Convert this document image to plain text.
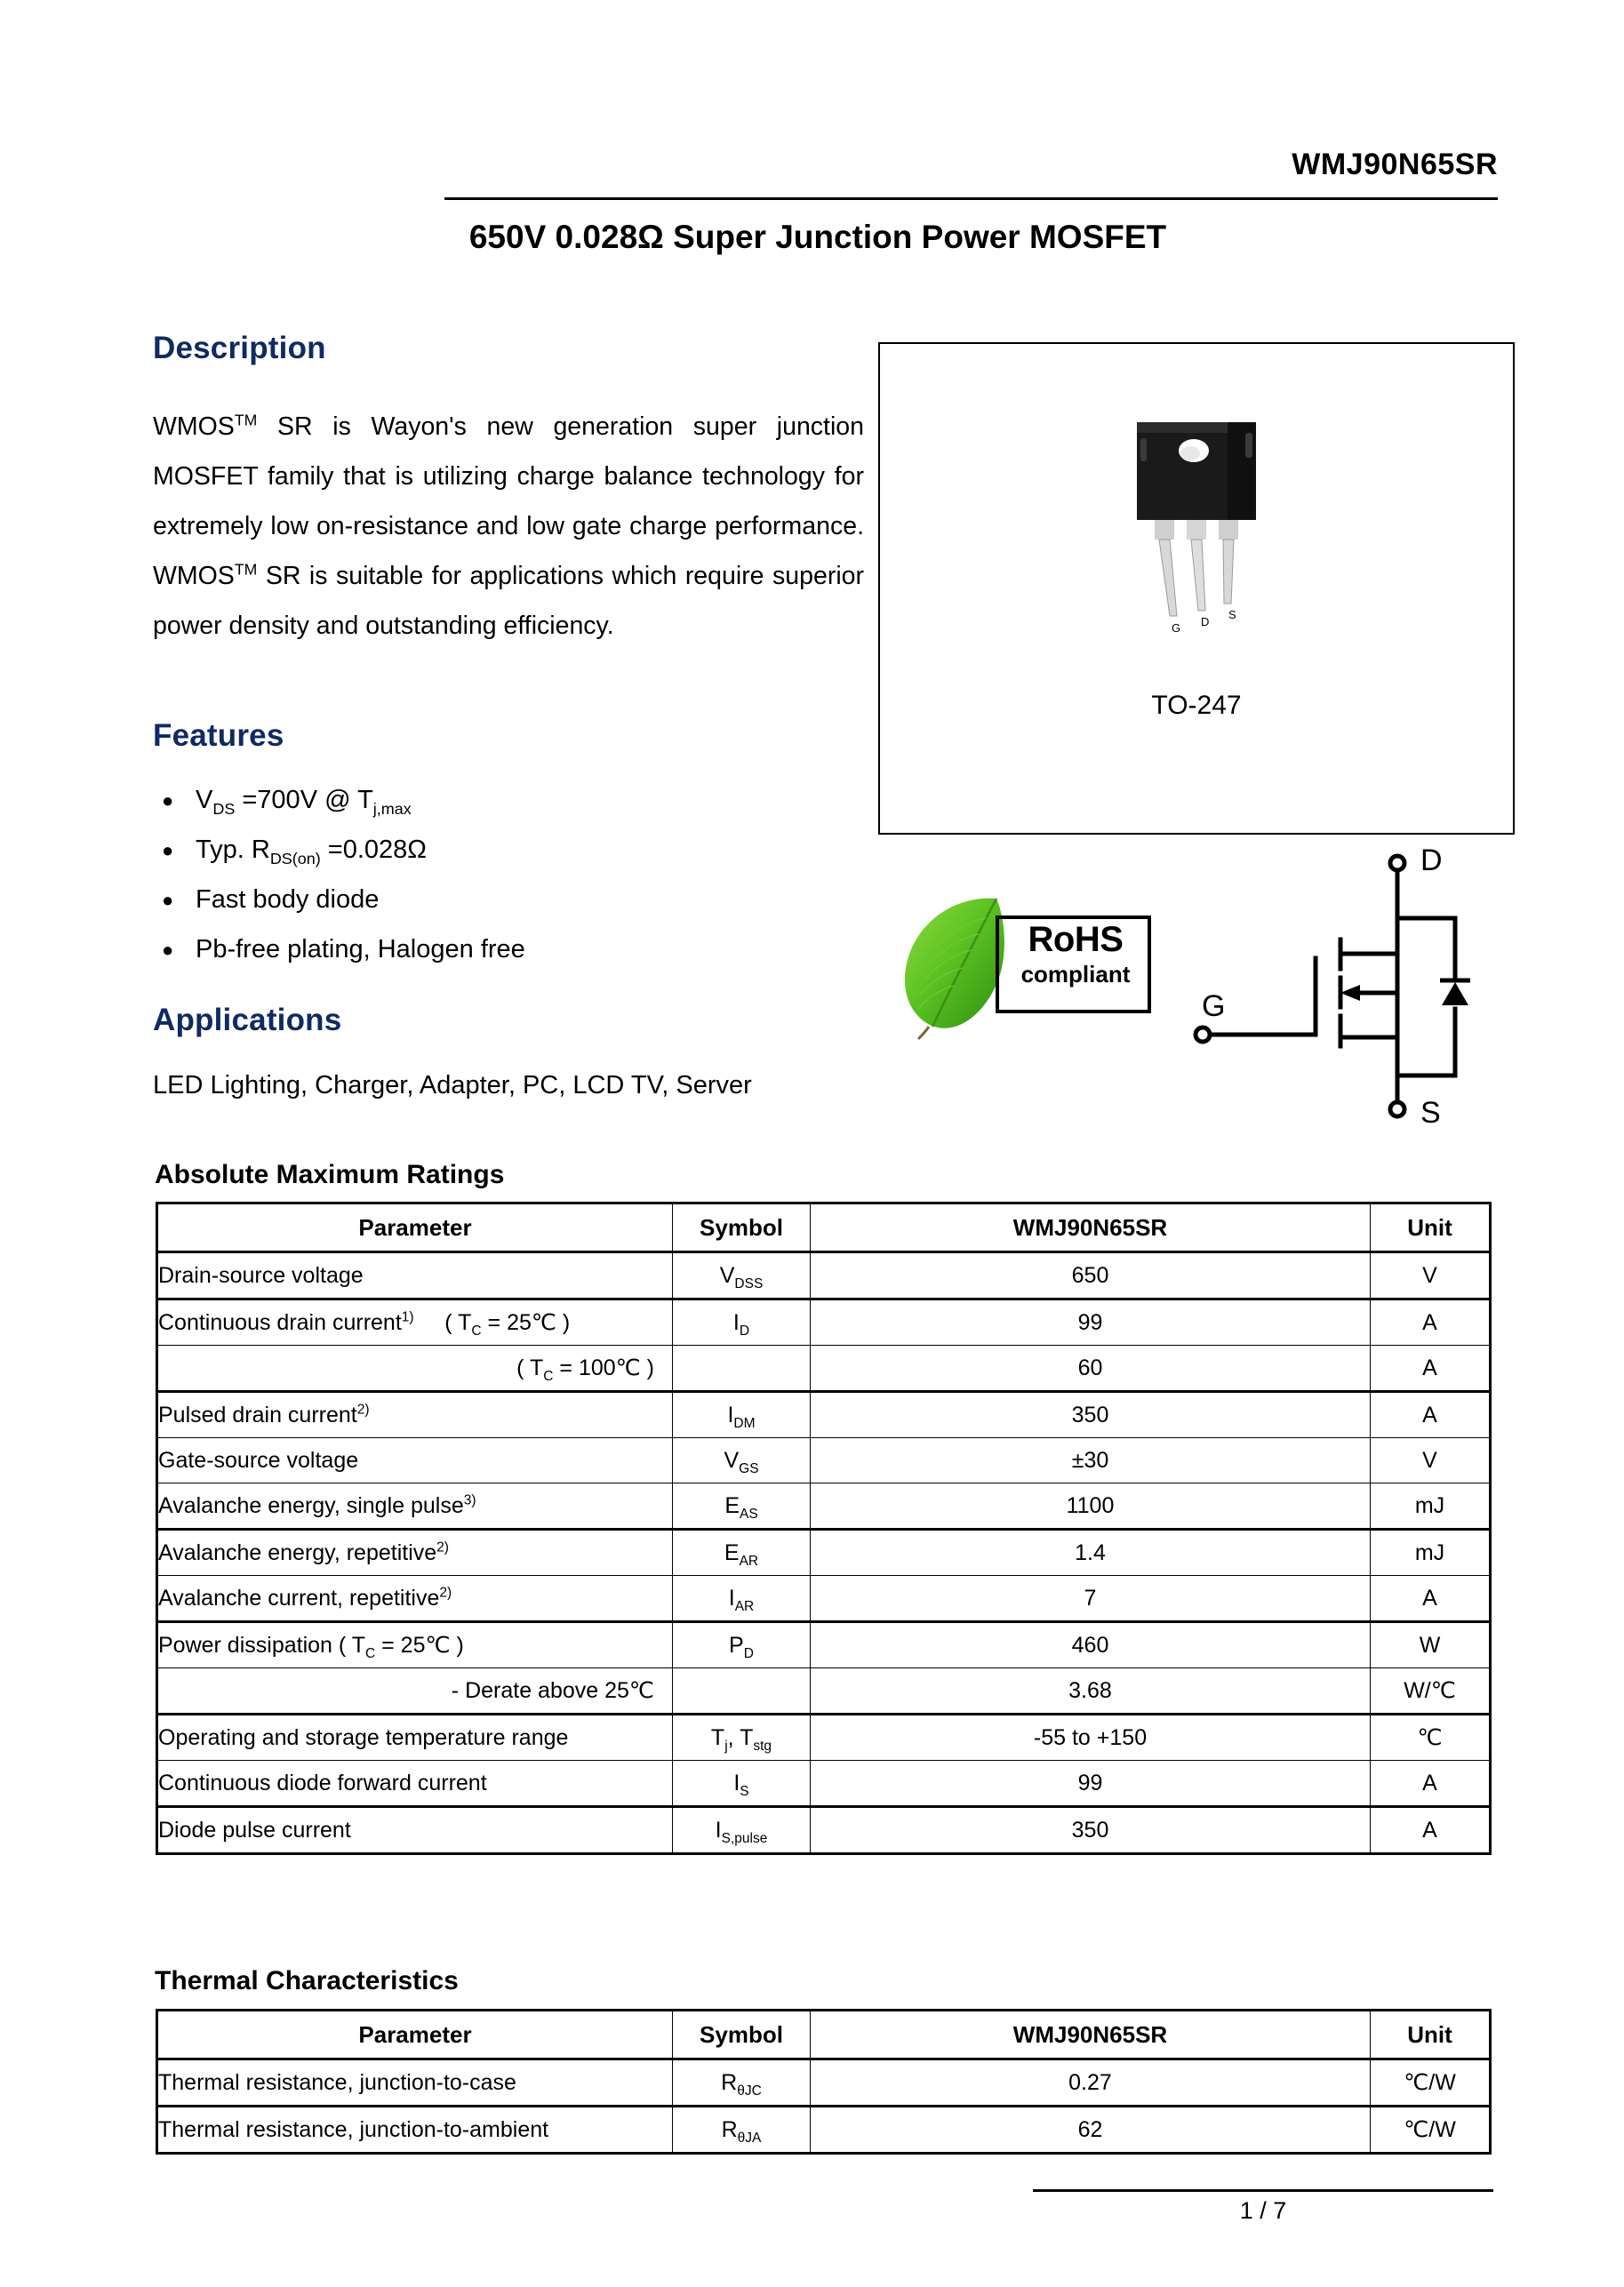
WMJ90N65SR
650V 0.028Ω Super Junction Power MOSFET
Description

WMOS™ SR is Wayon's new generation super junction MOSFET family that is utilizing charge balance technology for extremely low on-resistance and low gate charge performance. WMOS™ SR is suitable for applications which require superior power density and outstanding efficiency.

Features
● $V_{DS} =700V$ @ $T_{j,max}$
● Typ. $R_{DS(on)} =0.028\Omega$
● Fast body diode
● Pb-free plating, Halogen free
Applications
LED Lighting, Charger, Adapter, PC, LCD TV, Server
G D
S
TO-247
RoHS
compliant
D
G
S
Absolute Maximum Ratings
Parameter	Symbol	WMJ90N65SR	Unit
Drain-source voltage	$V_{DSS}$	650	V
Continuous drain current$^{1)}$     ( $T_C$ = 25℃ )	$I_D$	99	A
( $T_C$ = 100℃ )		60	A
Pulsed drain current$^{2)}$	$I_{DM}$	350	A
Gate-source voltage	$V_{GS}$	±30	V
Avalanche energy, single pulse$^{3)}$	$E_{AS}$	1100	mJ
Avalanche energy, repetitive$^{2)}$	$E_{AR}$	1.4	mJ
Avalanche current, repetitive$^{2)}$	$I_{AR}$	7	A
Power dissipation ( $T_C$ = 25℃ )	$P_D$	460	W
- Derate above 25℃		3.68	W/℃
Operating and storage temperature range	$T_j$, $T_{stg}$	-55 to +150	℃
Continuous diode forward current	$I_S$	99	A
Diode pulse current	$I_{S,pulse}$	350	A
Thermal Characteristics
Parameter	Symbol	WMJ90N65SR	Unit
Thermal resistance, junction-to-case	$R_{\theta JC}$	0.27	℃/W
Thermal resistance, junction-to-ambient	$R_{\theta JA}$	62	℃/W
1 / 7
